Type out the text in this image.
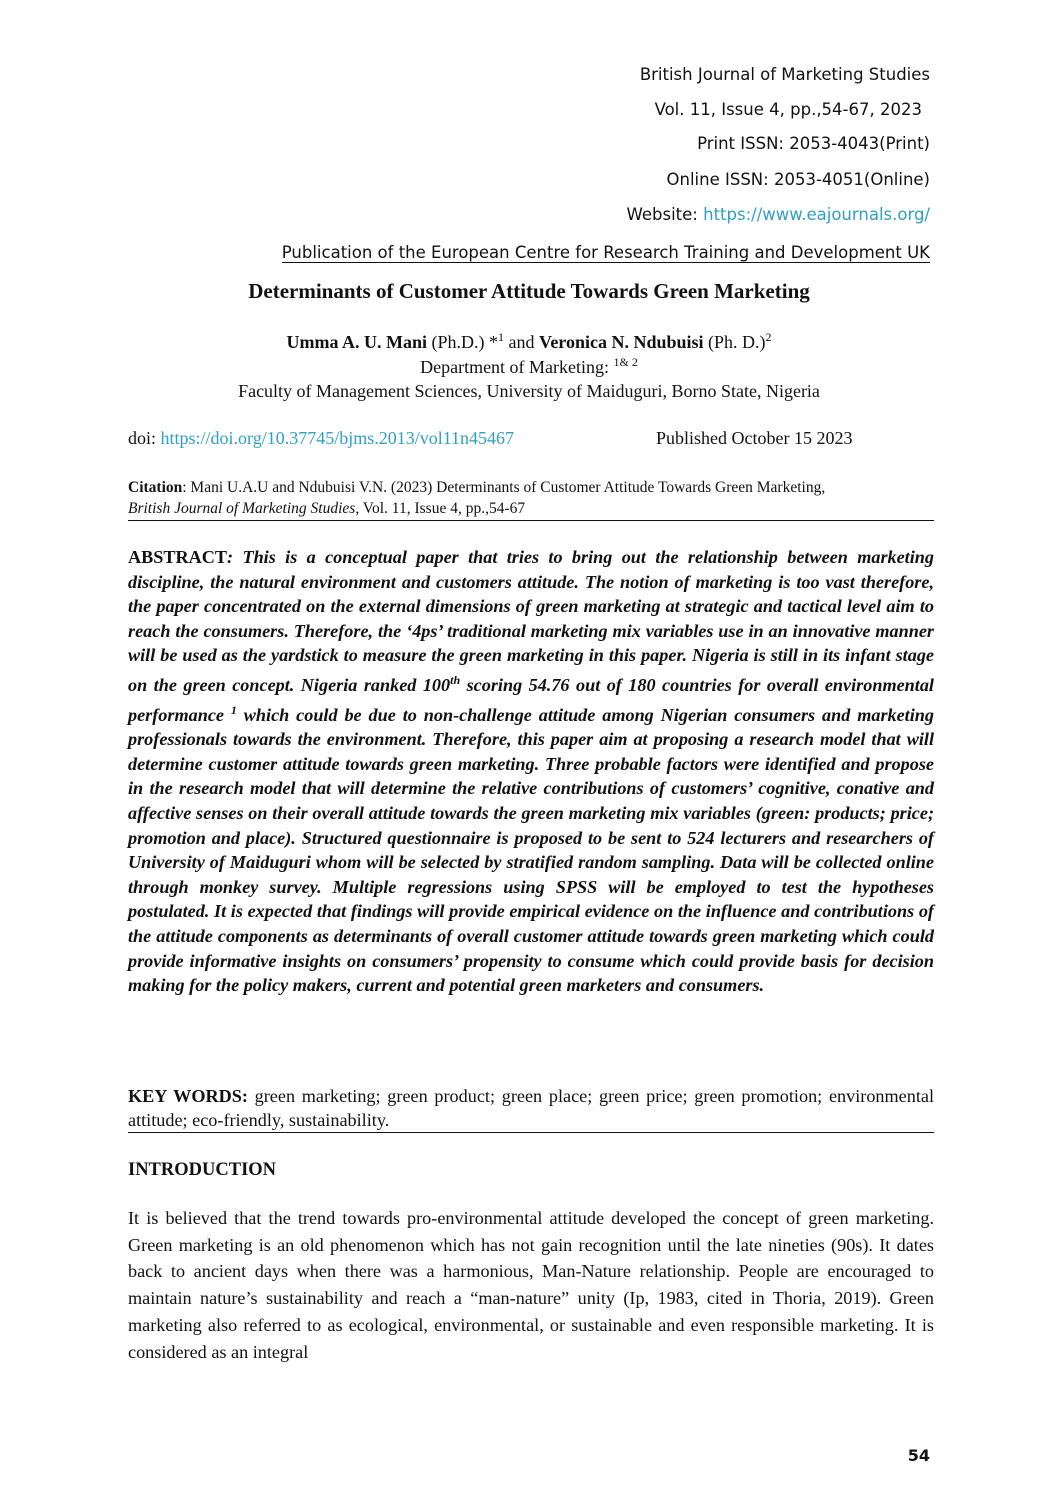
British Journal of Marketing Studies
Vol. 11, Issue 4, pp.,54-67, 2023
Print ISSN: 2053-4043(Print)
Online ISSN: 2053-4051(Online)
Website: https://www.eajournals.org/
Publication of the European Centre for Research Training and Development UK
Determinants of Customer Attitude Towards Green Marketing
Umma A. U. Mani (Ph.D.) *$^1$ and Veronica N. Ndubuisi (Ph. D.)$^2$
Department of Marketing: $^{1\& 2}$
Faculty of Management Sciences, University of Maiduguri, Borno State, Nigeria
doi: https://doi.org/10.37745/bjms.2013/vol11n45467	Published October 15 2023
Citation: Mani U.A.U and Ndubuisi V.N. (2023) Determinants of Customer Attitude Towards Green Marketing,
British Journal of Marketing Studies, Vol. 11, Issue 4, pp.,54-67

ABSTRACT: This is a conceptual paper that tries to bring out the relationship between marketing discipline, the natural environment and customers attitude. The notion of marketing is too vast therefore, the paper concentrated on the external dimensions of green marketing at strategic and tactical level aim to reach the consumers. Therefore, the ‘4ps’ traditional marketing mix variables use in an innovative manner will be used as the yardstick to measure the green marketing in this paper. Nigeria is still in its infant stage on the green concept. Nigeria ranked 100th scoring 54.76 out of 180 countries for overall environmental performance $^1$ which could be due to non-challenge attitude among Nigerian consumers and marketing professionals towards the environment. Therefore, this paper aim at proposing a research model that will determine customer attitude towards green marketing. Three probable factors were identified and propose in the research model that will determine the relative contributions of customers’ cognitive, conative and affective senses on their overall attitude towards the green marketing mix variables (green: products; price; promotion and place). Structured questionnaire is proposed to be sent to 524 lecturers and researchers of University of Maiduguri whom will be selected by stratified random sampling. Data will be collected online through monkey survey. Multiple regressions using SPSS will be employed to test the hypotheses postulated. It is expected that findings will provide empirical evidence on the influence and contributions of the attitude components as determinants of overall customer attitude towards green marketing which could provide informative insights on consumers’ propensity to consume which could provide basis for decision making for the policy makers, current and potential green marketers and consumers.

KEY WORDS: green marketing; green product; green place; green price; green promotion; environmental attitude; eco-friendly, sustainability.

INTRODUCTION

It is believed that the trend towards pro-environmental attitude developed the concept of green marketing. Green marketing is an old phenomenon which has not gain recognition until the late nineties (90s). It dates back to ancient days when there was a harmonious, Man-Nature relationship. People are encouraged to maintain nature’s sustainability and reach a “man-nature” unity (Ip, 1983, cited in Thoria, 2019). Green marketing also referred to as ecological, environmental, or sustainable and even responsible marketing. It is considered as an integral

54
